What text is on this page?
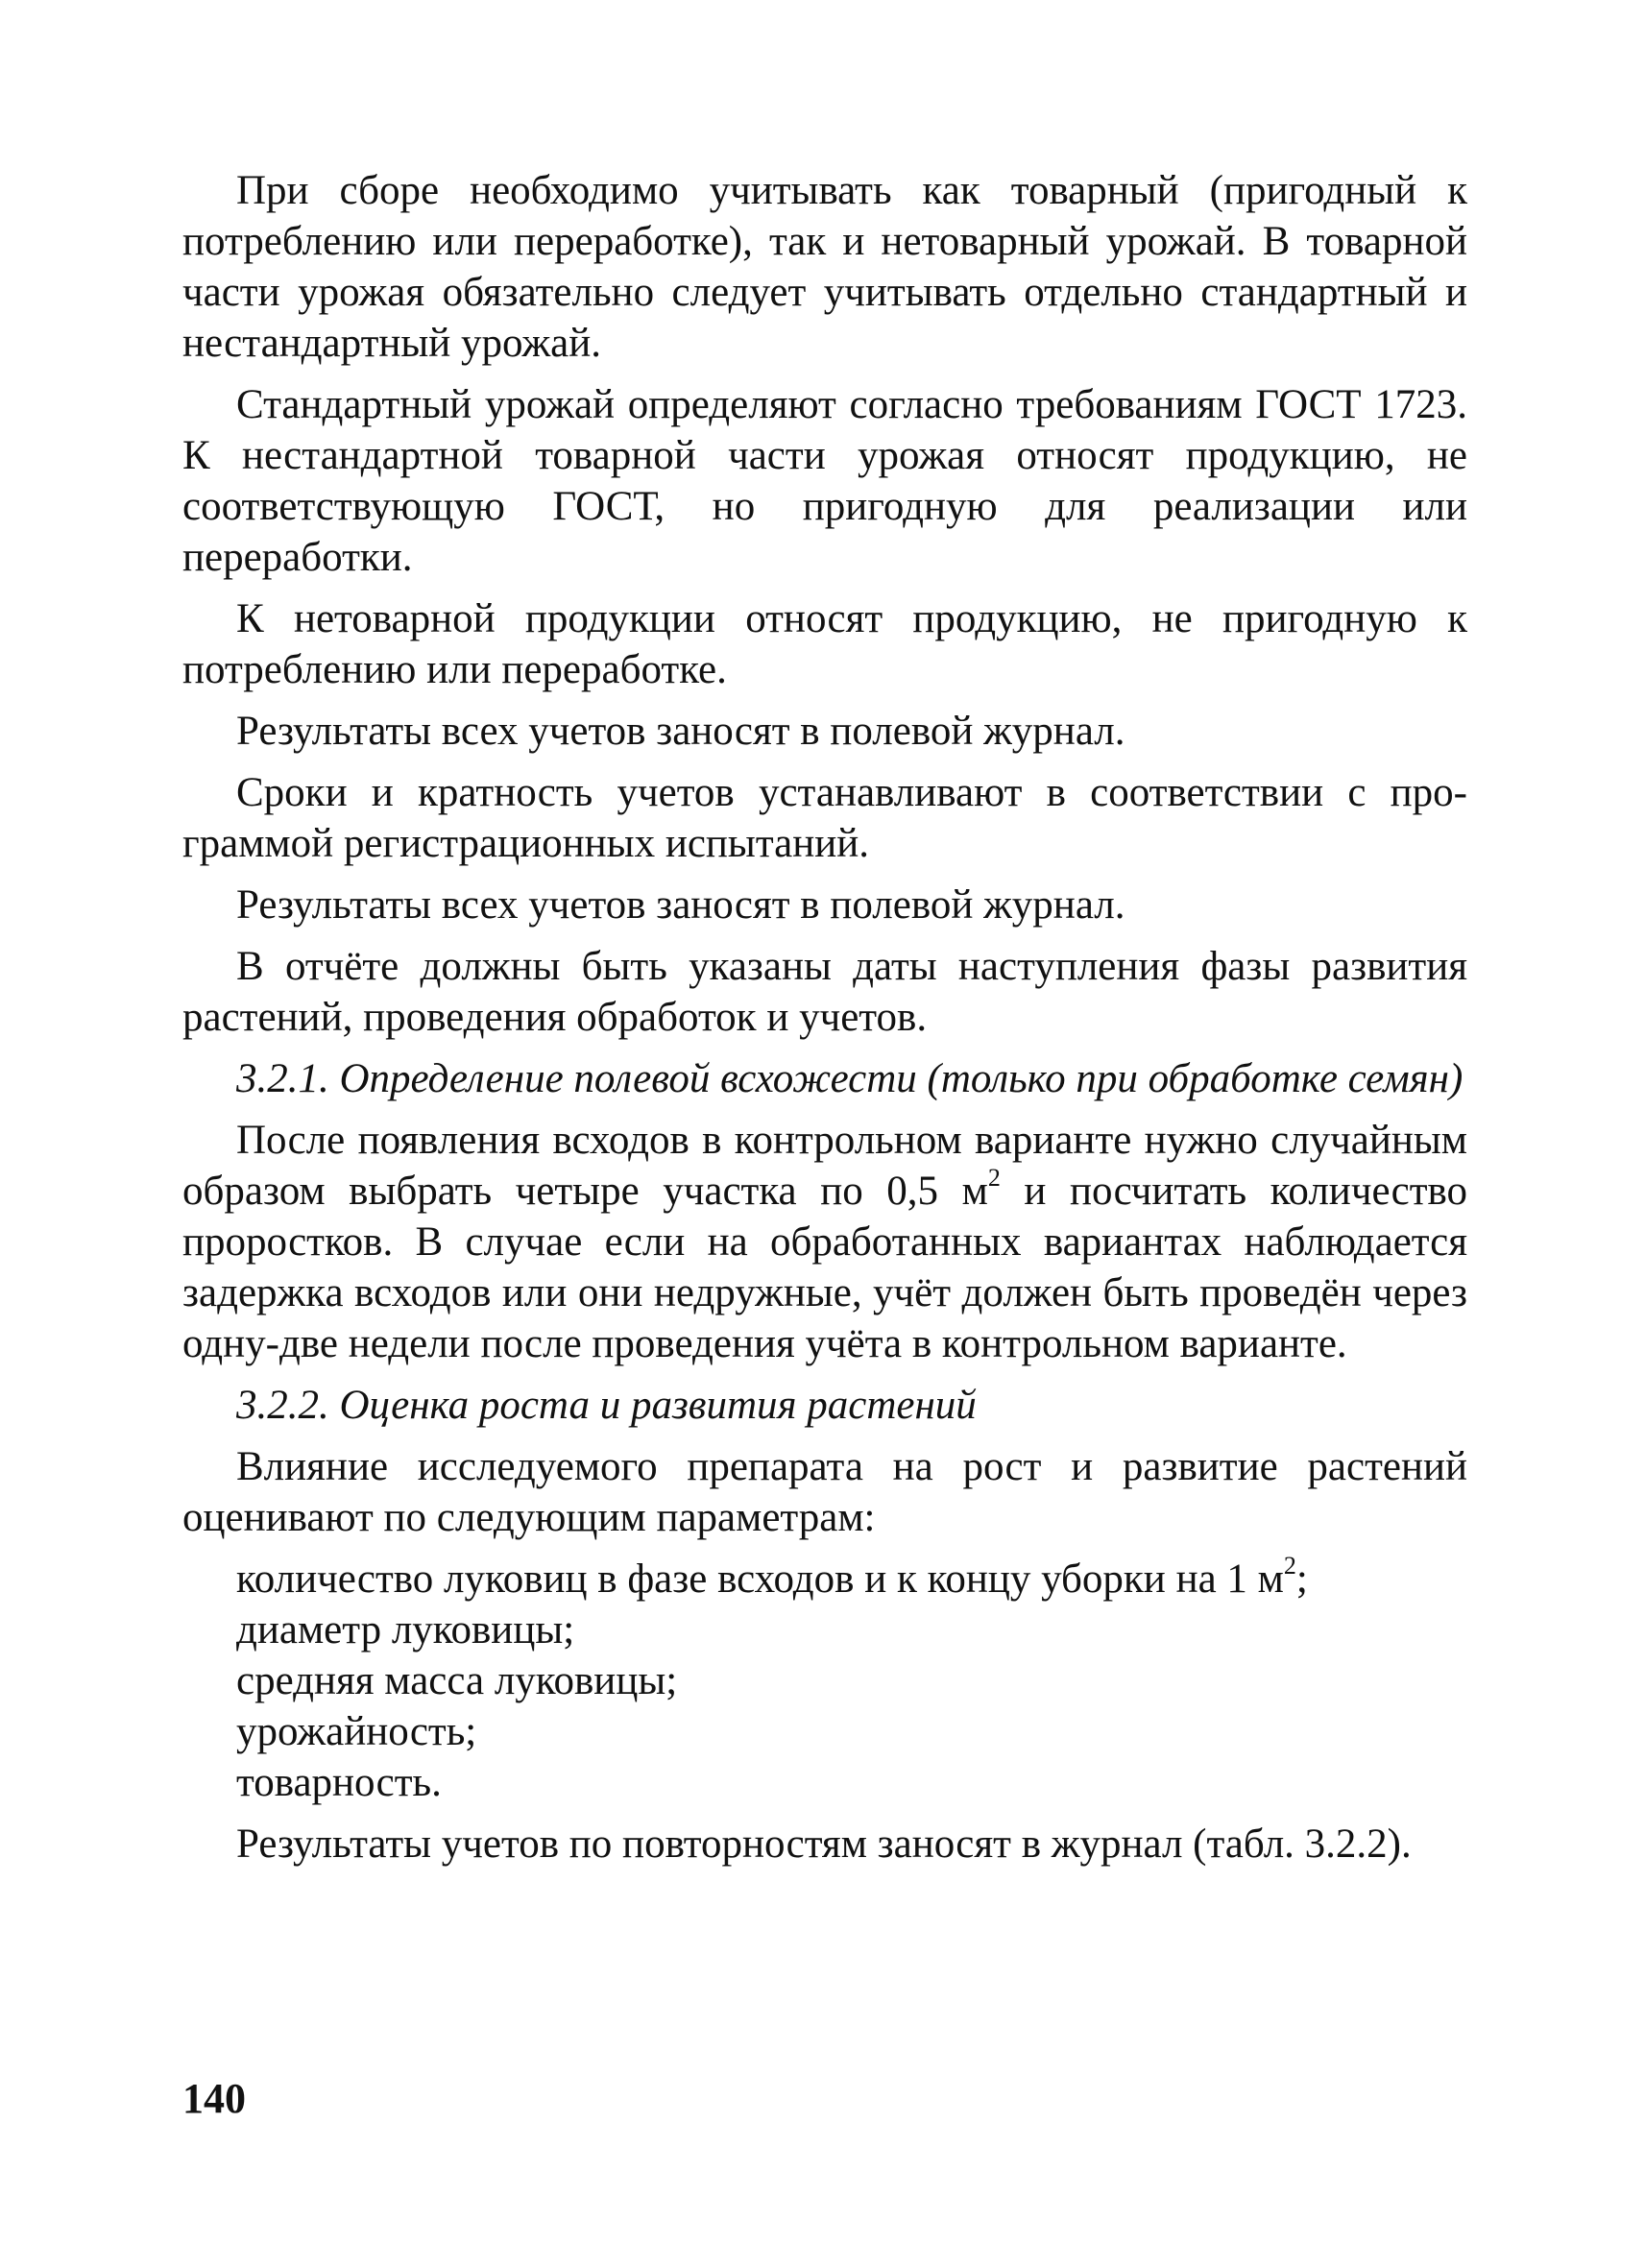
При сборе необходимо учитывать как товарный (пригодный к потреблению или переработке), так и нетоварный урожай. В товарной части урожая обязательно следует учитывать отдельно стандартный и нестандартный урожай.

Стандартный урожай определяют согласно требованиям ГОСТ 1723. К нестандартной товарной части урожая относят продукцию, не соответствующую ГОСТ, но пригодную для реализации или переработки.

К нетоварной продукции относят продукцию, не пригодную к потреблению или переработке.

Результаты всех учетов заносят в полевой журнал.

Сроки и кратность учетов устанавливают в соответствии с программой регистрационных испытаний.

Результаты всех учетов заносят в полевой журнал.

В отчёте должны быть указаны даты наступления фазы развития растений, проведения обработок и учетов.

3.2.1. Определение полевой всхожести (только при обработке семян)

После появления всходов в контрольном варианте нужно случайным образом выбрать четыре участка по 0,5 $м^2$ и посчитать количество проростков. В случае если на обработанных вариантах наблюдается задержка всходов или они недружные, учёт должен быть проведён через одну-две недели после проведения учёта в контрольном варианте.

3.2.2. Оценка роста и развития растений

Влияние исследуемого препарата на рост и развитие растений оценивают по следующим параметрам:

количество луковиц в фазе всходов и к концу уборки на 1 $м^2$;

диаметр луковицы;

средняя масса луковицы;

урожайность;

товарность.

Результаты учетов по повторностям заносят в журнал (табл. 3.2.2).

140
